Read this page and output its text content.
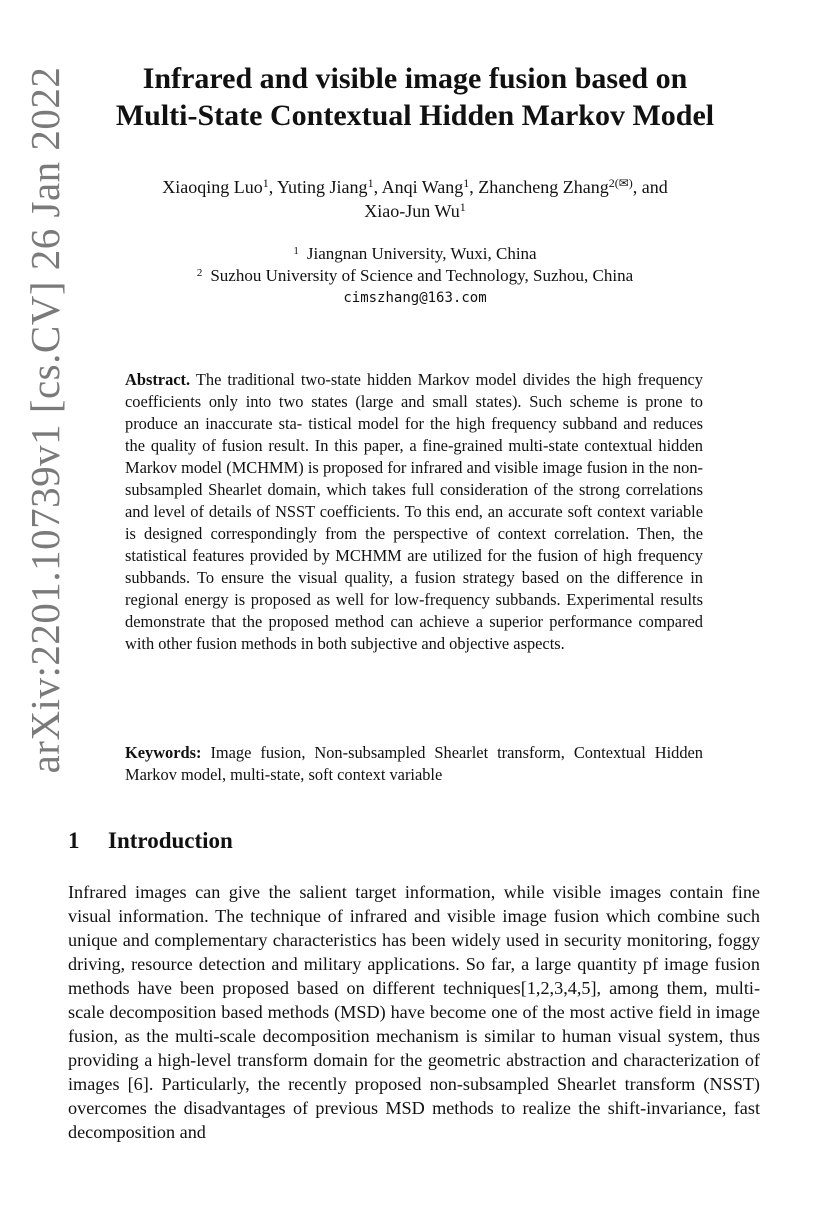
arXiv:2201.10739v1 [cs.CV] 26 Jan 2022	Infrared and visible image fusion based on
Multi-State Contextual Hidden Markov Model
Xiaoqing Luo$^1$, Yuting Jiang$^1$, Anqi Wang$^1$, Zhancheng Zhang$^{2(✉)}$, and
Xiao-Jun Wu$^1$
$^1$ Jiangnan University, Wuxi, China
$^2$ Suzhou University of Science and Technology, Suzhou, China
cimszhang@163.com
Abstract. The traditional two-state hidden Markov model divides the high frequency coefficients only into two states (large and small states). Such scheme is prone to produce an inaccurate sta- tistical model for the high frequency subband and reduces the quality of fusion result. In this paper, a fine-grained multi-state contextual hidden Markov model (MCHMM) is proposed for infrared and visible image fusion in the non-subsampled Shearlet domain, which takes full consideration of the strong correlations and level of details of NSST coefficients. To this end, an accurate soft context variable is designed correspondingly from the perspective of context correlation. Then, the statistical features provided by MCHMM are utilized for the fusion of high frequency subbands. To ensure the visual quality, a fusion strategy based on the difference in regional energy is proposed as well for low-frequency subbands. Experimental results demonstrate that the proposed method can achieve a superior performance compared with other fusion methods in both subjective and objective aspects.
Keywords: Image fusion, Non-subsampled Shearlet transform, Contextual Hidden Markov model, multi-state, soft context variable
1 Introduction
Infrared images can give the salient target information, while visible images contain fine visual information. The technique of infrared and visible image fusion which combine such unique and complementary characteristics has been widely used in security monitoring, foggy driving, resource detection and military applications. So far, a large quantity pf image fusion methods have been proposed based on different techniques[1,2,3,4,5], among them, multi-scale decomposition based methods (MSD) have become one of the most active field in image fusion, as the multi-scale decomposition mechanism is similar to human visual system, thus providing a high-level transform domain for the geometric abstraction and characterization of images [6]. Particularly, the recently proposed non-subsampled Shearlet transform (NSST) overcomes the disadvantages of previous MSD methods to realize the shift-invariance, fast decomposition and
